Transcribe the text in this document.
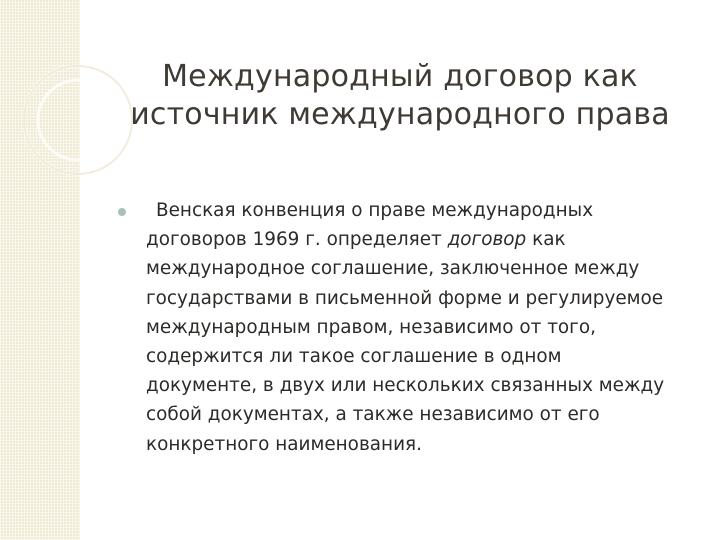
Международный договор как
источник международного права
Венская конвенция о праве международных
договоров 1969 г. определяет договор как
международное соглашение, заключенное между
государствами в письменной форме и регулируемое
международным правом, независимо от того,
содержится ли такое соглашение в одном
документе, в двух или нескольких связанных между
собой документах, а также независимо от его
конкретного наименования.
